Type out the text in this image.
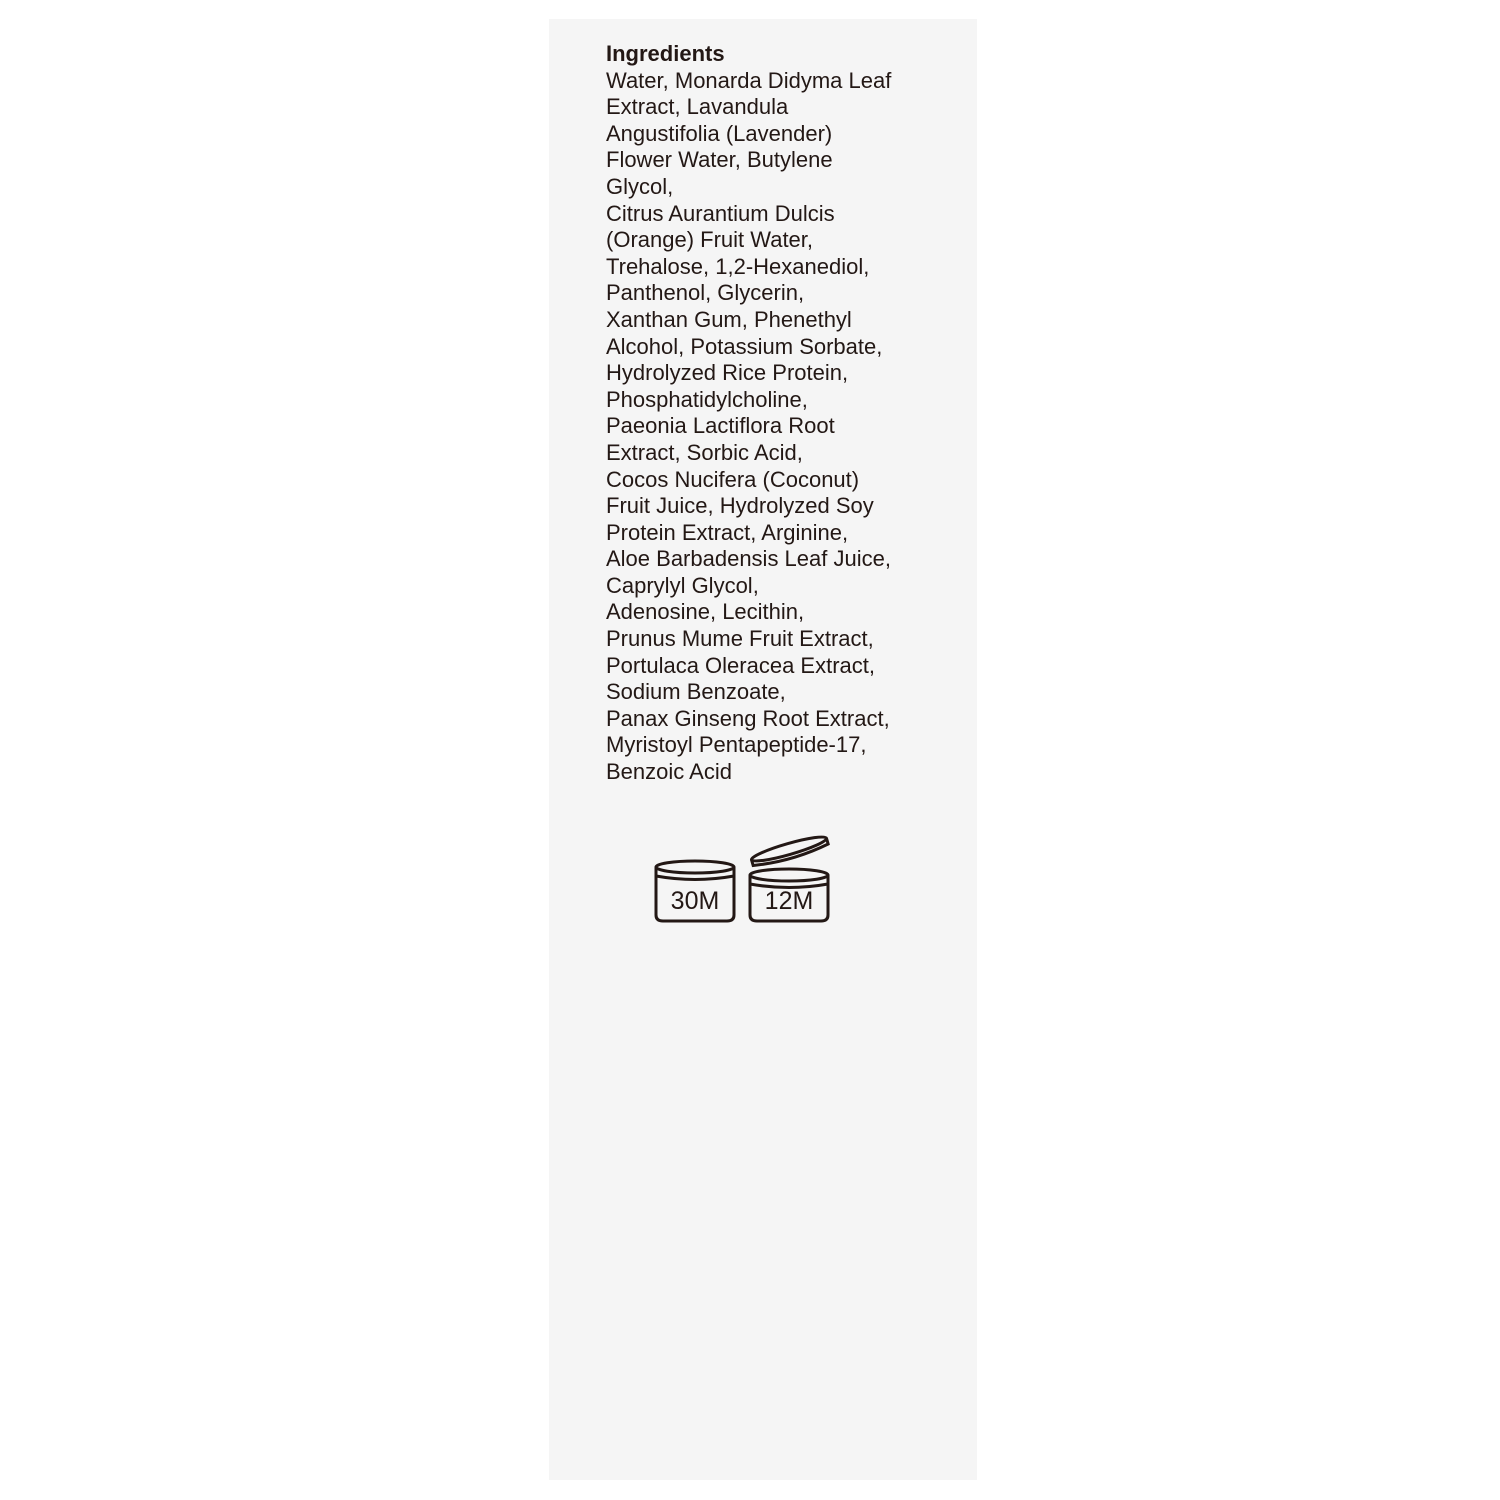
Ingredients
Water, Monarda Didyma Leaf
Extract, Lavandula
Angustifolia (Lavender)
Flower Water, Butylene
Glycol,
Citrus Aurantium Dulcis
(Orange) Fruit Water,
Trehalose, 1,2-Hexanediol,
Panthenol, Glycerin,
Xanthan Gum, Phenethyl
Alcohol, Potassium Sorbate,
Hydrolyzed Rice Protein,
Phosphatidylcholine,
Paeonia Lactiflora Root
Extract, Sorbic Acid,
Cocos Nucifera (Coconut)
Fruit Juice, Hydrolyzed Soy
Protein Extract, Arginine,
Aloe Barbadensis Leaf Juice,
Caprylyl Glycol,
Adenosine, Lecithin,
Prunus Mume Fruit Extract,
Portulaca Oleracea Extract,
Sodium Benzoate,
Panax Ginseng Root Extract,
Myristoyl Pentapeptide-17,
Benzoic Acid
30M 12M
